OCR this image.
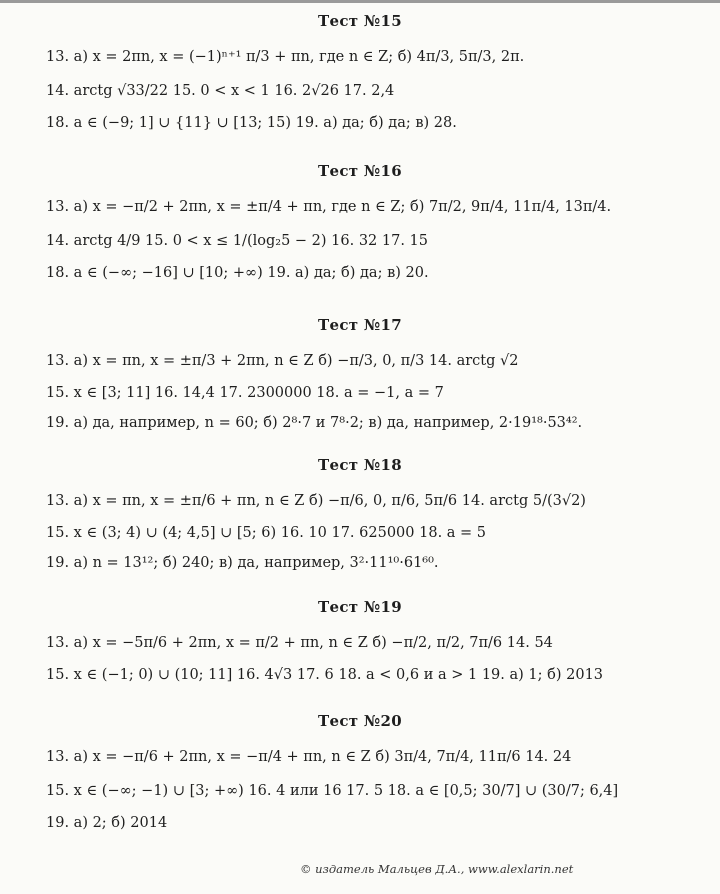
Тест №15
13. а) x = 2πn, x = (−1)ⁿ⁺¹ π/3 + πn, где n ∈ Z; б) 4π/3, 5π/3, 2π.
14. arctg √33/22 15. 0 < x < 1 16. 2√26 17. 2,4
18. a ∈ (−9; 1] ∪ {11} ∪ [13; 15) 19. а) да; б) да; в) 28.
Тест №16
13. а) x = −π/2 + 2πn, x = ±π/4 + πn, где n ∈ Z; б) 7π/2, 9π/4, 11π/4, 13π/4.
14. arctg 4/9 15. 0 < x ≤ 1/(log₂5 − 2) 16. 32 17. 15
18. a ∈ (−∞; −16] ∪ [10; +∞) 19. а) да; б) да; в) 20.
Тест №17
13. а) x = πn, x = ±π/3 + 2πn, n ∈ Z б) −π/3, 0, π/3 14. arctg √2
15. x ∈ [3; 11] 16. 14,4 17. 2300000 18. a = −1, a = 7
19. а) да, например, n = 60; б) 2⁸·7 и 7⁸·2; в) да, например, 2·19¹⁸·53⁴².
Тест №18
13. а) x = πn, x = ±π/6 + πn, n ∈ Z б) −π/6, 0, π/6, 5π/6 14. arctg 5/(3√2)
15. x ∈ (3; 4) ∪ (4; 4,5] ∪ [5; 6) 16. 10 17. 625000 18. a = 5
19. а) n = 13¹²; б) 240; в) да, например, 3²·11¹⁰·61⁶⁰.
Тест №19
13. а) x = −5π/6 + 2πn, x = π/2 + πn, n ∈ Z б) −π/2, π/2, 7π/6 14. 54
15. x ∈ (−1; 0) ∪ (10; 11] 16. 4√3 17. 6 18. a < 0,6 и a > 1 19. а) 1; б) 2013
Тест №20
13. а) x = −π/6 + 2πn, x = −π/4 + πn, n ∈ Z б) 3π/4, 7π/4, 11π/6 14. 24
15. x ∈ (−∞; −1) ∪ [3; +∞) 16. 4 или 16 17. 5 18. a ∈ [0,5; 30/7] ∪ (30/7; 6,4]
19. а) 2; б) 2014
© издатель Мальцев Д.А., www.alexlarin.net
